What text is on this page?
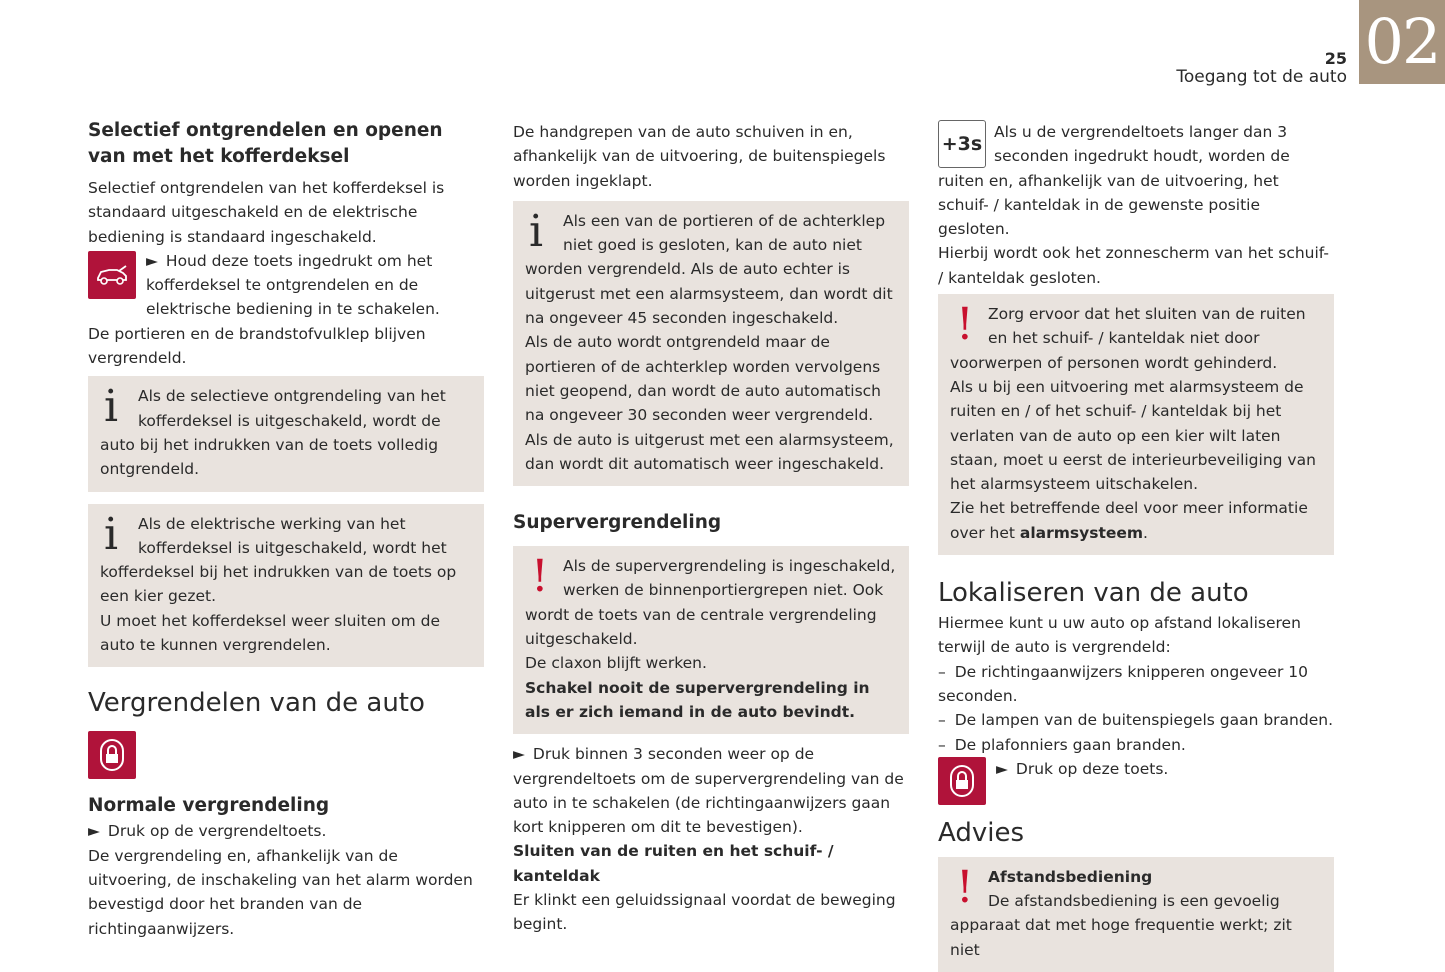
02
25
Toegang tot de auto
Selectief ontgrendelen en openen van met het kofferdeksel

Selectief ontgrendelen van het kofferdeksel is standaard uitgeschakeld en de elektrische bediening is standaard ingeschakeld.

► Houd deze toets ingedrukt om het kofferdeksel te ontgrendelen en de elektrische bediening in te schakelen.

De portieren en de brandstofvulklep blijven vergrendeld.

i	Als de selectieve ontgrendeling van het kofferdeksel is uitgeschakeld, wordt de auto bij het indrukken van de toets volledig ontgrendeld.
i	Als de elektrische werking van het kofferdeksel is uitgeschakeld, wordt het kofferdeksel bij het indrukken van de toets op een kier gezet.
U moet het kofferdeksel weer sluiten om de auto te kunnen vergrendelen.
Vergrendelen van de auto
Normale vergrendeling
► Druk op de vergrendeltoets.

De vergrendeling en, afhankelijk van de uitvoering, de inschakeling van het alarm worden bevestigd door het branden van de richtingaanwijzers.

De handgrepen van de auto schuiven in en, afhankelijk van de uitvoering, de buitenspiegels worden ingeklapt.

i	Als een van de portieren of de achterklep niet goed is gesloten, kan de auto niet worden vergrendeld. Als de auto echter is uitgerust met een alarmsysteem, dan wordt dit na ongeveer 45 seconden ingeschakeld.
Als de auto wordt ontgrendeld maar de portieren of de achterklep worden vervolgens niet geopend, dan wordt de auto automatisch na ongeveer 30 seconden weer vergrendeld. Als de auto is uitgerust met een alarmsysteem, dan wordt dit automatisch weer ingeschakeld.
Supervergrendeling
! Als de supervergrendeling is ingeschakeld, werken de binnenportiergrepen niet. Ook wordt de toets van de centrale vergrendeling uitgeschakeld.
De claxon blijft werken.
Schakel nooit de supervergrendeling in als er zich iemand in de auto bevindt.
► Druk binnen 3 seconden weer op de vergrendeltoets om de supervergrendeling van de auto in te schakelen (de richtingaanwijzers gaan kort knipperen om dit te bevestigen).
Sluiten van de ruiten en het schuif- / kanteldak

Er klinkt een geluidssignaal voordat de beweging begint.

+3s
Als u de vergrendeltoets langer dan 3 seconden ingedrukt houdt, worden de ruiten en, afhankelijk van de uitvoering, het schuif- / kanteldak in de gewenste positie gesloten.

Hierbij wordt ook het zonnescherm van het schuif- / kanteldak gesloten.

! Zorg ervoor dat het sluiten van de ruiten en het schuif- / kanteldak niet door voorwerpen of personen wordt gehinderd.
Als u bij een uitvoering met alarmsysteem de ruiten en / of het schuif- / kanteldak bij het verlaten van de auto op een kier wilt laten staan, moet u eerst de interieurbeveiliging van het alarmsysteem uitschakelen.
Zie het betreffende deel voor meer informatie over het alarmsysteem.
Lokaliseren van de auto

Hiermee kunt u uw auto op afstand lokaliseren terwijl de auto is vergrendeld:

– De richtingaanwijzers knipperen ongeveer 10 seconden.
– De lampen van de buitenspiegels gaan branden.
– De plafonniers gaan branden.
► Druk op deze toets.
Advies
! Afstandsbediening
De afstandsbediening is een gevoelig apparaat dat met hoge frequentie werkt; zit niet
